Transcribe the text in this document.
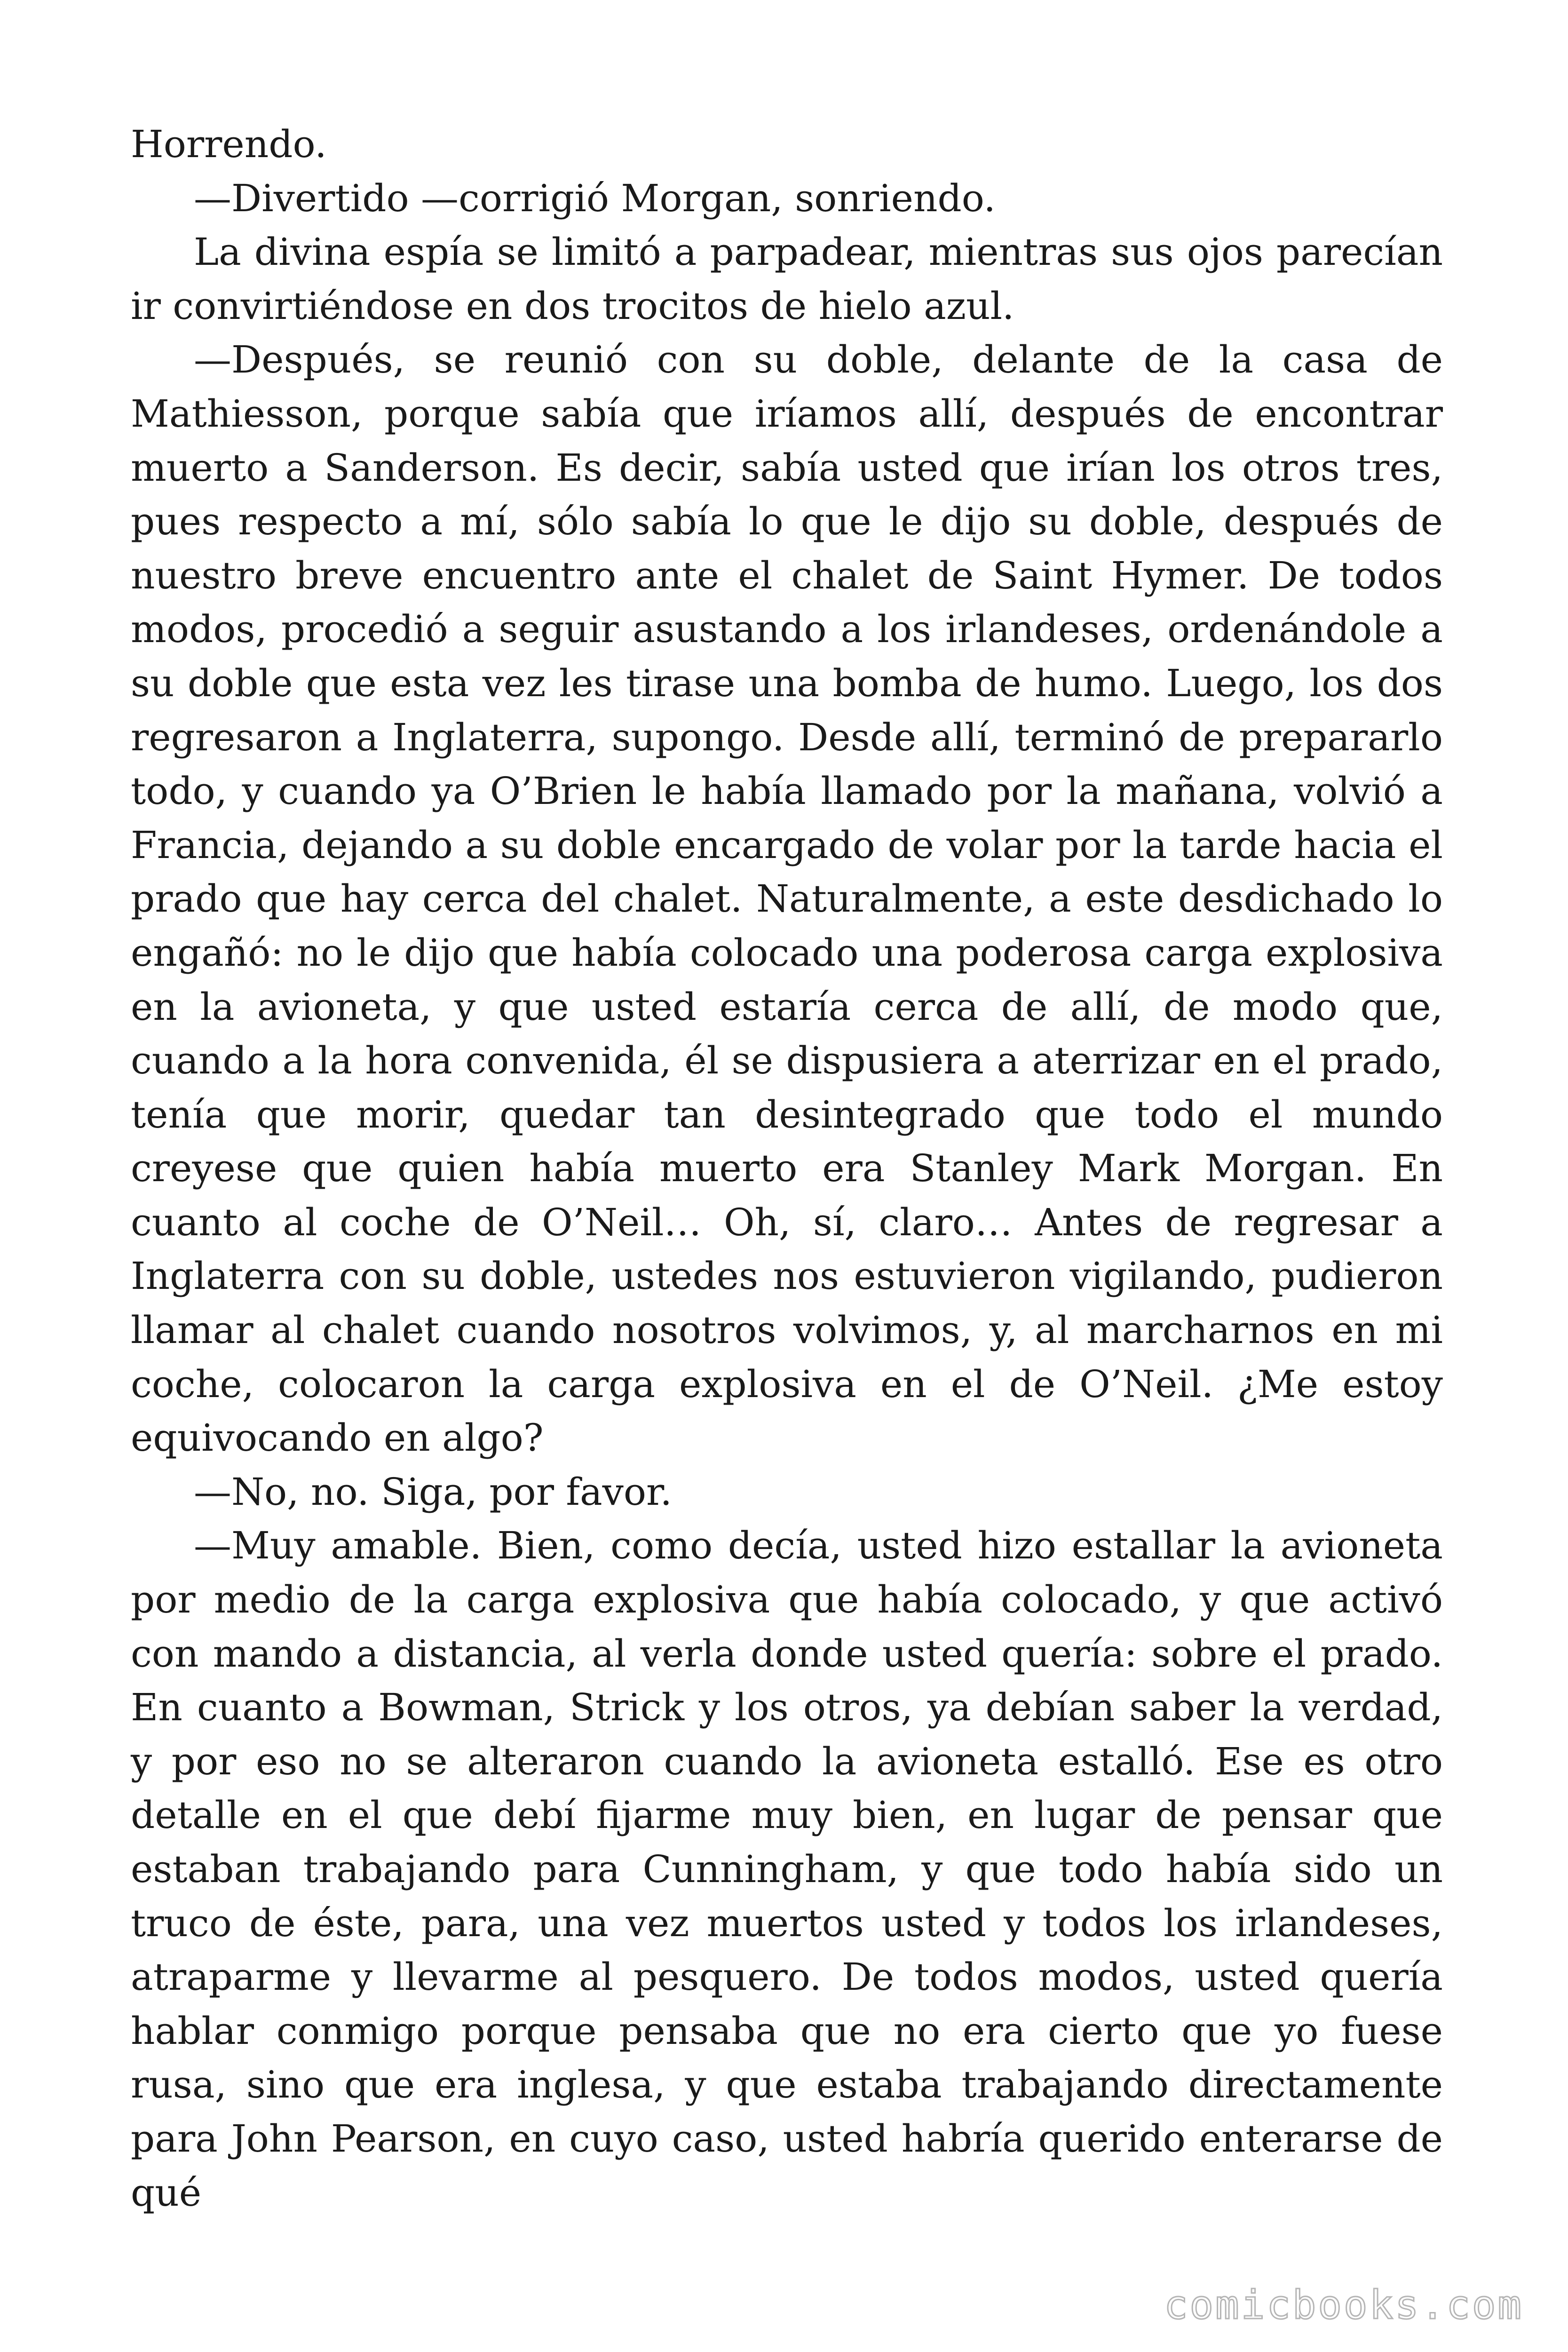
Horrendo.

—Divertido —corrigió Morgan, sonriendo.

La divina espía se limitó a parpadear, mientras sus ojos parecían ir convirtiéndose en dos trocitos de hielo azul.

—Después, se reunió con su doble, delante de la casa de Mathiesson, porque sabía que iríamos allí, después de encontrar muerto a Sanderson. Es decir, sabía usted que irían los otros tres, pues respecto a mí, sólo sabía lo que le dijo su doble, después de nuestro breve encuentro ante el chalet de Saint Hymer. De todos modos, procedió a seguir asustando a los irlandeses, ordenándole a su doble que esta vez les tirase una bomba de humo. Luego, los dos regresaron a Inglaterra, supongo. Desde allí, terminó de prepararlo todo, y cuando ya O’Brien le había llamado por la mañana, volvió a Francia, dejando a su doble encargado de volar por la tarde hacia el prado que hay cerca del chalet. Naturalmente, a este desdichado lo engañó: no le dijo que había colocado una poderosa carga explosiva en la avioneta, y que usted estaría cerca de allí, de modo que, cuando a la hora convenida, él se dispusiera a aterrizar en el prado, tenía que morir, quedar tan desintegrado que todo el mundo creyese que quien había muerto era Stanley Mark Morgan. En cuanto al coche de O’Neil… Oh, sí, claro… Antes de regresar a Inglaterra con su doble, ustedes nos estuvieron vigilando, pudieron llamar al chalet cuando nosotros volvimos, y, al marcharnos en mi coche, colocaron la carga explosiva en el de O’Neil. ¿Me estoy equivocando en algo?

—No, no. Siga, por favor.

—Muy amable. Bien, como decía, usted hizo estallar la avioneta por medio de la carga explosiva que había colocado, y que activó con mando a distancia, al verla donde usted quería: sobre el prado. En cuanto a Bowman, Strick y los otros, ya debían saber la verdad, y por eso no se alteraron cuando la avioneta estalló. Ese es otro detalle en el que debí fijarme muy bien, en lugar de pensar que estaban trabajando para Cunningham, y que todo había sido un truco de éste, para, una vez muertos usted y todos los irlandeses, atraparme y llevarme al pesquero. De todos modos, usted quería hablar conmigo porque pensaba que no era cierto que yo fuese rusa, sino que era inglesa, y que estaba trabajando directamente para John Pearson, en cuyo caso, usted habría querido enterarse de qué

comicbooks.com
